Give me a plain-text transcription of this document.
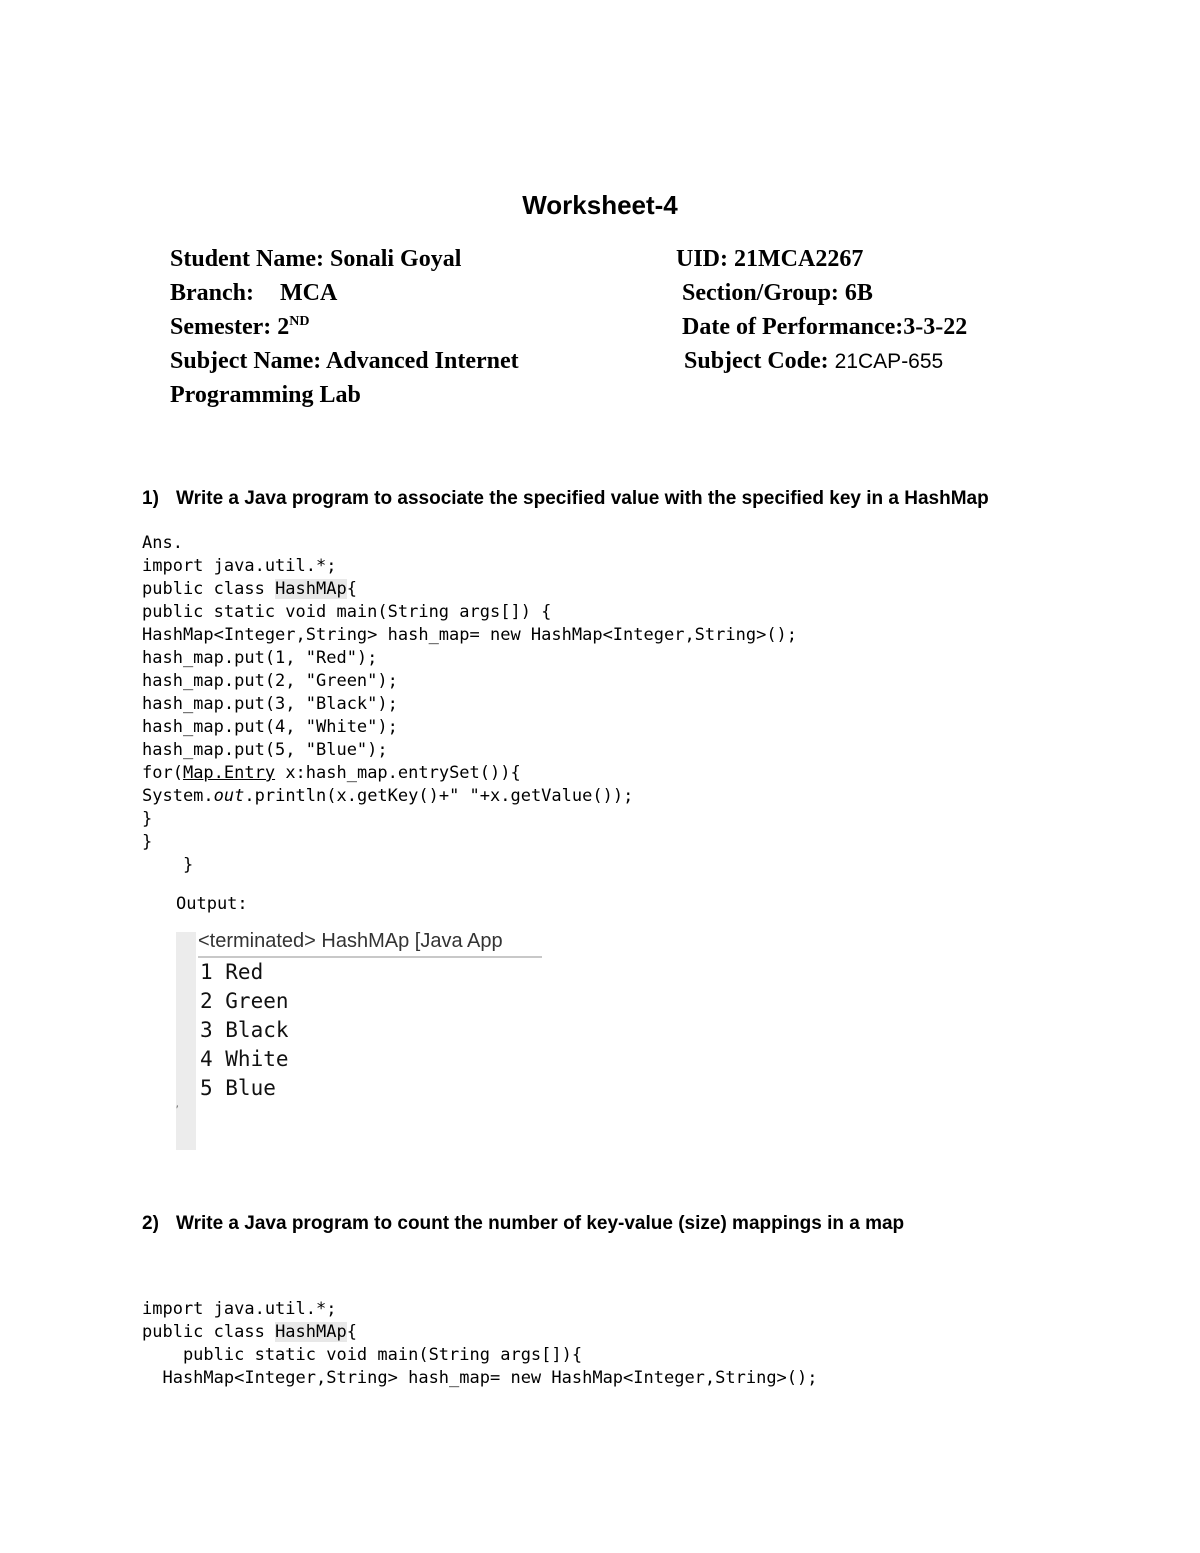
Worksheet-4
Student Name: Sonali Goyal	UID: 21MCA2267
Branch: MCA	Section/Group: 6B
Semester: 2ND	Date of Performance:3-3-22
Subject Name: Advanced Internet	Subject Code: 21CAP-655
Programming Lab
1) Write a Java program to associate the specified value with the specified key in a HashMap
Ans.
import java.util.*;
public class HashMAp{
public static void main(String args[]) {
HashMap<Integer,String> hash_map= new HashMap<Integer,String>();
hash_map.put(1, "Red");
hash_map.put(2, "Green");
hash_map.put(3, "Black");
hash_map.put(4, "White");
hash_map.put(5, "Blue");
for(Map.Entry x:hash_map.entrySet()){
System.out.println(x.getKey()+" "+x.getValue());
}
}
}
Output:
<terminated> HashMAp [Java App
1 Red
2 Green
3 Black
4 White
5 Blue
′
2) Write a Java program to count the number of key-value (size) mappings in a map
import java.util.*;
public class HashMAp{
public static void main(String args[]){
HashMap<Integer,String> hash_map= new HashMap<Integer,String>();
